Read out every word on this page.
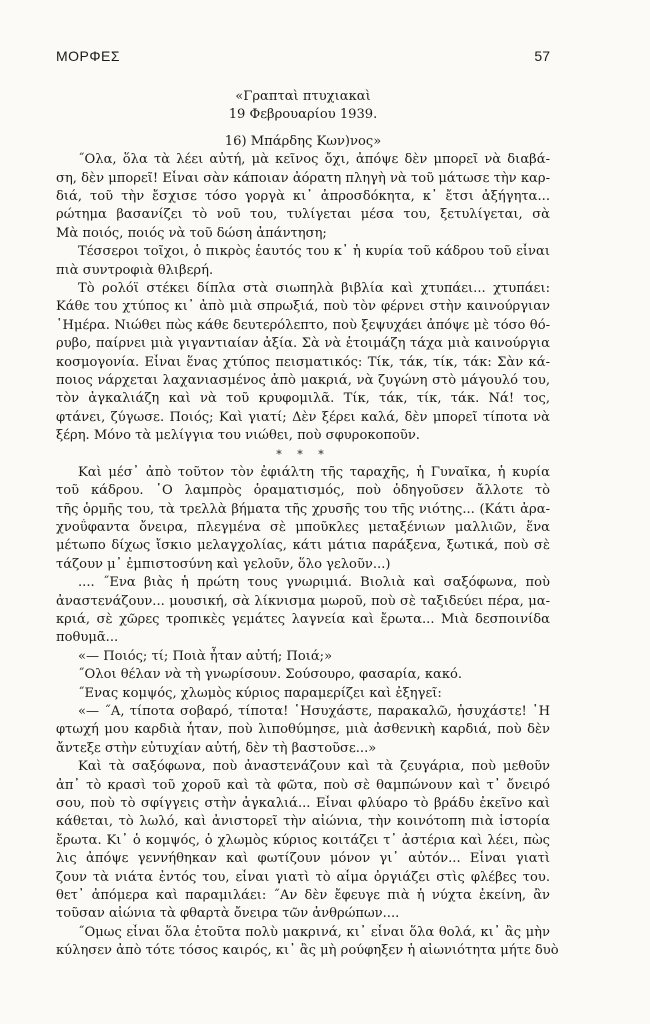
ΜΟΡΦΕΣ	57
«Γραπταὶ πτυχιακαὶ
19 Φεβρουαρίου 1939.
16) Μπάρδης Κων)νος»
˝Ολα, ὅλα τὰ λέει αὐτή, μὰ κεῖνος ὄχι, ἀπόψε δὲν μπορεῖ νὰ διαβά-
ση, δὲν μπορεῖ! Εἶναι σὰν κάποιαν ἀόρατη πληγὴ νὰ τοῦ μάτωσε τὴν καρ-
διά, τοῦ τὴν ἔσχισε τόσο γοργὰ κι᾿ ἀπροσδόκητα, κ᾿ ἔτσι ἀξήγητα...
ρώτημα βασανίζει τὸ νοῦ του, τυλίγεται μέσα του, ξετυλίγεται, σὰ
Μὰ ποιός, ποιός νὰ τοῦ δώση ἀπάντηση;
Τέσσεροι τοῖχοι, ὁ πικρὸς ἑαυτός του κ᾿ ἡ κυρία τοῦ κάδρου τοῦ εἶναι
πιὰ συντροφιὰ θλιβερή.
Τὸ ρολόϊ στέκει δίπλα στὰ σιωπηλὰ βιβλία καὶ χτυπάει... χτυπάει:
Κάθε του χτύπος κι᾿ ἀπὸ μιὰ σπρωξιά, ποὺ τὸν φέρνει στὴν καινούργιαν
῾Ημέρα. Νιώθει πὼς κάθε δευτερόλεπτο, ποὺ ξεψυχάει ἀπόψε μὲ τόσο θό-
ρυβο, παίρνει μιὰ γιγαντιαίαν ἀξία. Σὰ νὰ ἑτοιμάζη τάχα μιὰ καινούργια
κοσμογονία. Εἶναι ἕνας χτύπος πεισματικός: Τίκ, τάκ, τίκ, τάκ: Σὰν κά-
ποιος νάρχεται λαχανιασμένος ἀπὸ μακριά, νὰ ζυγώνη στὸ μάγουλό του,
τὸν ἀγκαλιάζη καὶ νὰ τοῦ κρυφομιλᾶ. Τίκ, τάκ, τίκ, τάκ. Νά! τος,
φτάνει, ζύγωσε. Ποιός; Καὶ γιατί; Δὲν ξέρει καλά, δὲν μπορεῖ τίποτα νὰ
ξέρη. Μόνο τὰ μελίγγια του νιώθει, ποὺ σφυροκοποῦν.
* * *
Καὶ μέσ᾿ ἀπὸ τοῦτον τὸν ἐφιάλτη τῆς ταραχῆς, ἡ Γυναῖκα, ἡ κυρία
τοῦ κάδρου. ῾Ο λαμπρὸς ὁραματισμός, ποὺ ὁδηγοῦσεν ἄλλοτε τὸ
τῆς ὁρμῆς του, τὰ τρελλὰ βήματα τῆς χρυσῆς του τῆς νιότης... (Κάτι ἀρα-
χνοΰφαντα ὄνειρα, πλεγμένα σὲ μποῦκλες μεταξένιων μαλλιῶν, ἕνα
μέτωπο δίχως ἴσκιο μελαγχολίας, κάτι μάτια παράξενα, ξωτικά, ποὺ σὲ
τάζουν μ᾿ ἐμπιστοσύνη καὶ γελοῦν, ὅλο γελοῦν...)
.... ˝Ενα βιὰς ἡ πρώτη τους γνωριμιά. Βιολιὰ καὶ σαξόφωνα, ποὺ
ἀναστενάζουν... μουσική, σὰ λίκνισμα μωροῦ, ποὺ σὲ ταξιδεύει πέρα, μα-
κριά, σὲ χῶρες τροπικὲς γεμάτες λαγνεία καὶ ἔρωτα... Μιὰ δεσποινίδα
ποθυμᾶ...
«— Ποιός; τί; Ποιὰ ἦταν αὐτή; Ποιά;»
˝Ολοι θέλαν νὰ τὴ γνωρίσουν. Σούσουρο, φασαρία, κακό.
˝Ενας κομψός, χλωμὸς κύριος παραμερίζει καὶ ἐξηγεῖ:
«— ˝Α, τίποτα σοβαρό, τίποτα! ῾Ησυχάστε, παρακαλῶ, ἡσυχάστε! ῾Η
φτωχή μου καρδιὰ ἦταν, ποὺ λιποθύμησε, μιὰ ἀσθενικὴ καρδιά, ποὺ δὲν
ἄντεξε στὴν εὐτυχίαν αὐτή, δὲν τὴ βαστοῦσε...»
Καὶ τὰ σαξόφωνα, ποὺ ἀναστενάζουν καὶ τὰ ζευγάρια, ποὺ μεθοῦν
ἀπ᾿ τὸ κρασὶ τοῦ χοροῦ καὶ τὰ φῶτα, ποὺ σὲ θαμπώνουν καὶ τ᾿ ὄνειρό
σου, ποὺ τὸ σφίγγεις στὴν ἀγκαλιά... Εἶναι φλύαρο τὸ βράδυ ἐκεῖνο καὶ
κάθεται, τὸ λωλό, καὶ ἀνιστορεῖ τὴν αἰώνια, τὴν κοινότοπη πιὰ ἱστορία
ἔρωτα. Κι᾿ ὁ κομψός, ὁ χλωμὸς κύριος κοιτάζει τ᾿ ἀστέρια καὶ λέει, πὼς
λις ἀπόψε γεννήθηκαν καὶ φωτίζουν μόνον γι᾿ αὐτόν... Εἶναι γιατὶ
ζουν τὰ νιάτα ἐντός του, εἶναι γιατὶ τὸ αἷμα ὀργιάζει στὶς φλέβες του.
θετ᾿ ἀπόμερα καὶ παραμιλάει: ˝Αν δὲν ἔφευγε πιὰ ἡ νύχτα ἐκείνη, ἂν
τοῦσαν αἰώνια τὰ φθαρτὰ ὄνειρα τῶν ἀνθρώπων....
˝Ομως εἶναι ὅλα ἐτοῦτα πολὺ μακρινά, κι᾿ εἶναι ὅλα θολά, κι᾿ ἂς μὴν
κύλησεν ἀπὸ τότε τόσος καιρός, κι᾿ ἂς μὴ ρούφηξεν ἡ αἰωνιότητα μήτε δυὸ
